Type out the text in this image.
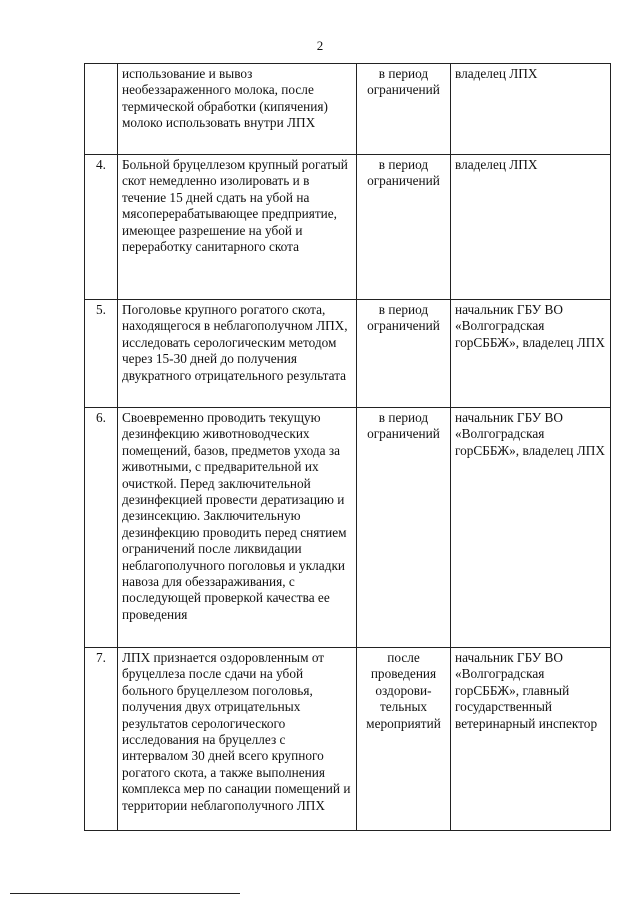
2
	использование и вывоз необеззараженного молока, после термической обработки (кипячения) молоко использовать внутри ЛПХ	в период ограничений	владелец ЛПХ
4.	Больной бруцеллезом крупный рогатый скот немедленно изолировать и в течение 15 дней сдать на убой на мясоперерабатывающее предприятие, имеющее разрешение на убой и переработку санитарного скота	в период ограничений	владелец ЛПХ
5.	Поголовье крупного рогатого скота, находящегося в неблагополучном ЛПХ, исследовать серологическим методом через 15-30 дней до получения двукратного отрицательного результата	в период ограничений	начальник ГБУ ВО «Волгоградская горСББЖ», владелец ЛПХ
6.	Своевременно проводить текущую дезинфекцию животноводческих помещений, базов, предметов ухода за животными, с предварительной их очисткой. Перед заключительной дезинфекцией провести дератизацию и дезинсекцию. Заключительную дезинфекцию проводить перед снятием ограничений после ликвидации неблагополучного поголовья и укладки навоза для обеззараживания, с последующей проверкой качества ее проведения	в период ограничений	начальник ГБУ ВО «Волгоградская горСББЖ», владелец ЛПХ
7.	ЛПХ признается оздоровленным от бруцеллеза после сдачи на убой больного бруцеллезом поголовья, получения двух отрицательных результатов серологического исследования на бруцеллез с интервалом 30 дней всего крупного рогатого скота, а также выполнения комплекса мер по санации помещений и территории неблагополучного ЛПХ	после проведения оздорови-тельных мероприятий	начальник ГБУ ВО «Волгоградская горСББЖ», главный государственный ветеринарный инспектор
